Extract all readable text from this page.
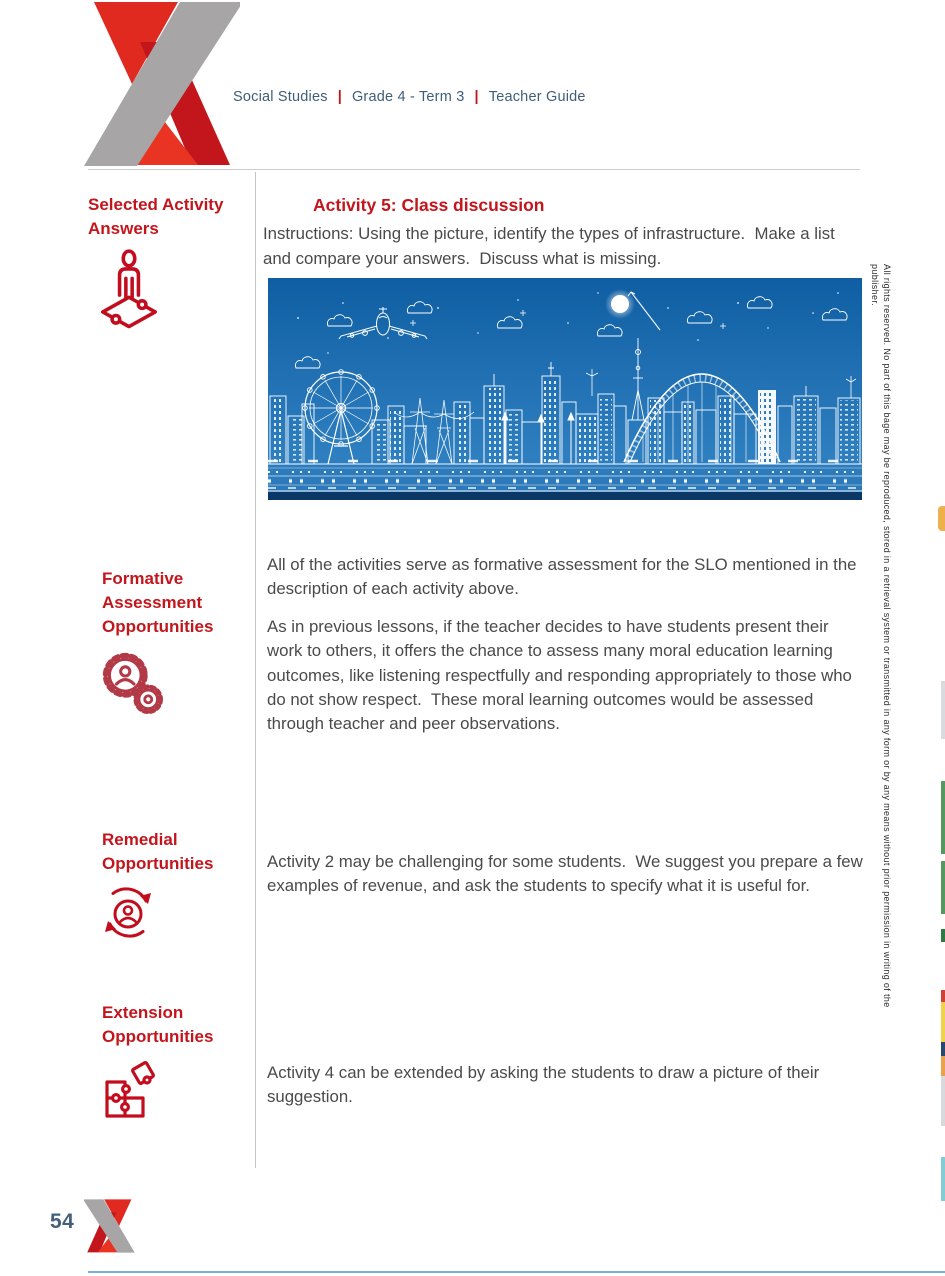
Social Studies | Grade 4 - Term 3 | Teacher Guide
Selected Activity
Answers
Formative
Assessment
Opportunities
Remedial
Opportunities
Extension
Opportunities
Activity 5: Class discussion
Instructions: Using the picture, identify the types of infrastructure.  Make a list and compare your answers.  Discuss what is missing.
All of the activities serve as formative assessment for the SLO mentioned in the description of each activity above.
As in previous lessons, if the teacher decides to have students present their work to others, it offers the chance to assess many moral education learning outcomes, like listening respectfully and responding appropriately to those who do not show respect.  These moral learning outcomes would be assessed through teacher and peer observations.
Activity 2 may be challenging for some students.  We suggest you prepare a few examples of revenue, and ask the students to specify what it is useful for.
Activity 4 can be extended by asking the students to draw a picture of their suggestion.
All rights reserved. No part of this bage may be reproduced, stored in a retrieval system or transmitted in any form or by any means without prior permission in writing of the publisher.
54
